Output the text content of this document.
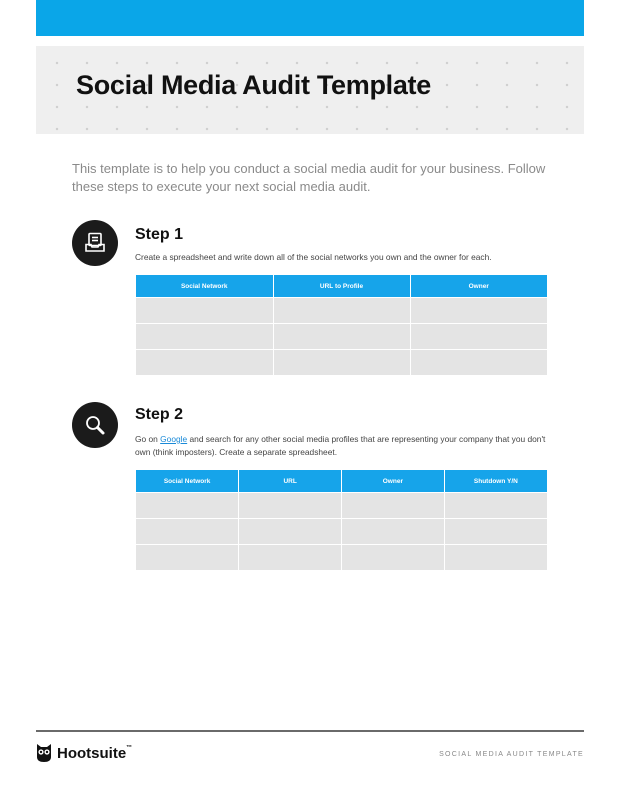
Social Media Audit Template

This template is to help you conduct a social media audit for your business. Follow these steps to execute your next social media audit.

Step 1

Create a spreadsheet and write down all of the social networks you own and the owner for each.

Social Network	URL to Profile	Owner

Step 2

Go on Google and search for any other social media profiles that are representing your company that you don't own (think imposters). Create a separate spreadsheet.

Social Network	URL	Owner	Shutdown Y/N

Hootsuite™
SOCIAL MEDIA AUDIT TEMPLATE
